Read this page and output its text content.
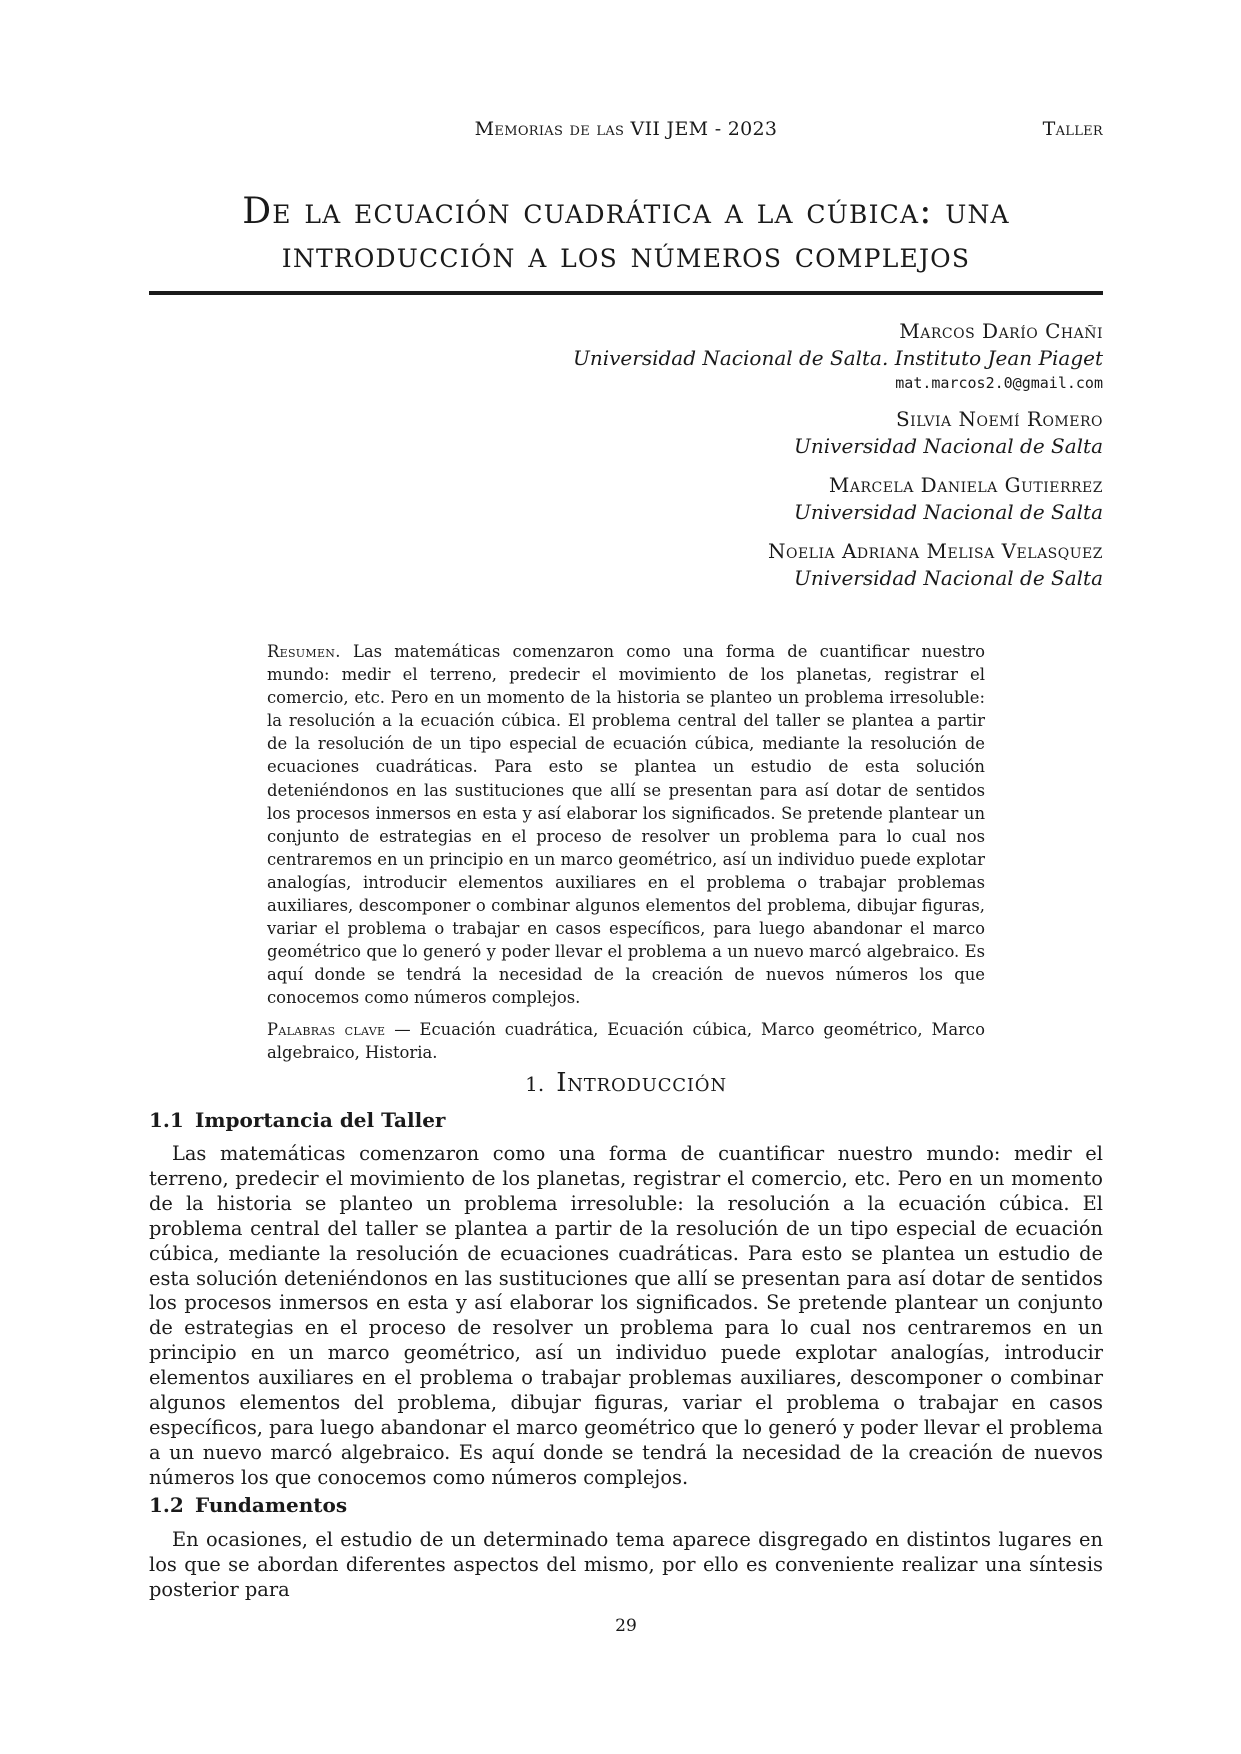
Memorias de las VII JEM - 2023	Taller
De la ecuación cuadrática a la cúbica: una
introducción a los números complejos
Marcos Darío Chañi
Universidad Nacional de Salta. Instituto Jean Piaget
mat.marcos2.0@gmail.com
Silvia Noemí Romero
Universidad Nacional de Salta
Marcela Daniela Gutierrez
Universidad Nacional de Salta
Noelia Adriana Melisa Velasquez
Universidad Nacional de Salta
Resumen. Las matemáticas comenzaron como una forma de cuantificar nuestro mundo: medir el terreno, predecir el movimiento de los planetas, registrar el comercio, etc. Pero en un momento de la historia se planteo un problema irresoluble: la resolución a la ecuación cúbica. El problema central del taller se plantea a partir de la resolución de un tipo especial de ecuación cúbica, mediante la resolución de ecuaciones cuadráticas. Para esto se plantea un estudio de esta solución deteniéndonos en las sustituciones que allí se presentan para así dotar de sentidos los procesos inmersos en esta y así elaborar los significados. Se pretende plantear un conjunto de estrategias en el proceso de resolver un problema para lo cual nos centraremos en un principio en un marco geométrico, así un individuo puede explotar analogías, introducir elementos auxiliares en el problema o trabajar problemas auxiliares, descomponer o combinar algunos elementos del problema, dibujar figuras, variar el problema o trabajar en casos específicos, para luego abandonar el marco geométrico que lo generó y poder llevar el problema a un nuevo marcó algebraico. Es aquí donde se tendrá la necesidad de la creación de nuevos números los que conocemos como números complejos.
Palabras clave — Ecuación cuadrática, Ecuación cúbica, Marco geométrico, Marco algebraico, Historia.
1. Introducción
1.1 Importancia del Taller

Las matemáticas comenzaron como una forma de cuantificar nuestro mundo: medir el terreno, predecir el movimiento de los planetas, registrar el comercio, etc. Pero en un momento de la historia se planteo un problema irresoluble: la resolución a la ecuación cúbica. El problema central del taller se plantea a partir de la resolución de un tipo especial de ecuación cúbica, mediante la resolución de ecuaciones cuadráticas. Para esto se plantea un estudio de esta solución deteniéndonos en las sustituciones que allí se presentan para así dotar de sentidos los procesos inmersos en esta y así elaborar los significados. Se pretende plantear un conjunto de estrategias en el proceso de resolver un problema para lo cual nos centraremos en un principio en un marco geométrico, así un individuo puede explotar analogías, introducir elementos auxiliares en el problema o trabajar problemas auxiliares, descomponer o combinar algunos elementos del problema, dibujar figuras, variar el problema o trabajar en casos específicos, para luego abandonar el marco geométrico que lo generó y poder llevar el problema a un nuevo marcó algebraico. Es aquí donde se tendrá la necesidad de la creación de nuevos números los que conocemos como números complejos.

1.2 Fundamentos

En ocasiones, el estudio de un determinado tema aparece disgregado en distintos lugares en los que se abordan diferentes aspectos del mismo, por ello es conveniente realizar una síntesis posterior para

29
